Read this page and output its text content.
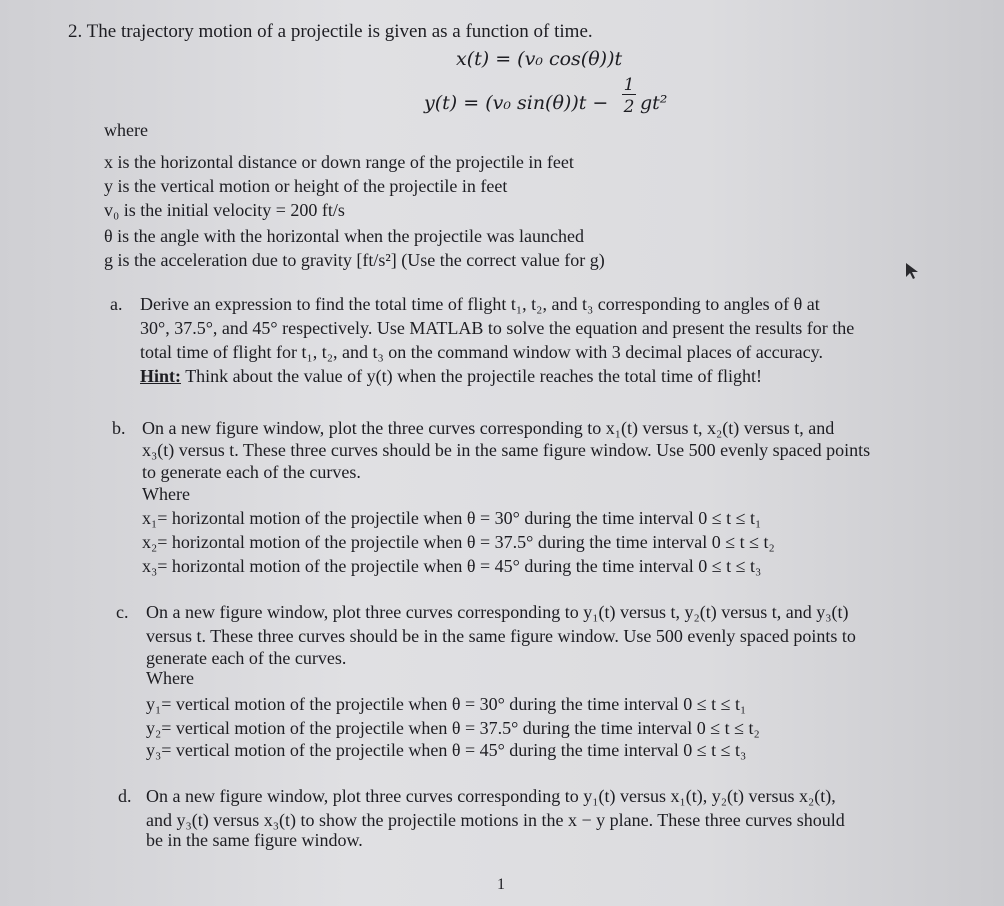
2. The trajectory motion of a projectile is given as a function of time.
x(t) = (v₀ cos(θ))t
y(t) = (v₀ sin(θ))t −
1
2 gt²
where
x is the horizontal distance or down range of the projectile in feet
y is the vertical motion or height of the projectile in feet
v₀ is the initial velocity = 200 ft/s
θ is the angle with the horizontal when the projectile was launched
g is the acceleration due to gravity [ft/s²] (Use the correct value for g)
a. Derive an expression to find the total time of flight t₁, t₂, and t₃ corresponding to angles of θ at
30°, 37.5°, and 45° respectively. Use MATLAB to solve the equation and present the results for the
total time of flight for t₁, t₂, and t₃ on the command window with 3 decimal places of accuracy.
Hint: Think about the value of y(t) when the projectile reaches the total time of flight!
b. On a new figure window, plot the three curves corresponding to x₁(t) versus t, x₂(t) versus t, and
x₃(t) versus t. These three curves should be in the same figure window. Use 500 evenly spaced points
to generate each of the curves.
Where
x₁= horizontal motion of the projectile when θ = 30° during the time interval 0 ≤ t ≤ t₁
x₂= horizontal motion of the projectile when θ = 37.5° during the time interval 0 ≤ t ≤ t₂
x₃= horizontal motion of the projectile when θ = 45° during the time interval 0 ≤ t ≤ t₃
c. On a new figure window, plot three curves corresponding to y₁(t) versus t, y₂(t) versus t, and y₃(t)
versus t. These three curves should be in the same figure window. Use 500 evenly spaced points to
generate each of the curves.
Where
y₁= vertical motion of the projectile when θ = 30° during the time interval 0 ≤ t ≤ t₁
y₂= vertical motion of the projectile when θ = 37.5° during the time interval 0 ≤ t ≤ t₂
y₃= vertical motion of the projectile when θ = 45° during the time interval 0 ≤ t ≤ t₃
d. On a new figure window, plot three curves corresponding to y₁(t) versus x₁(t), y₂(t) versus x₂(t),
and y₃(t) versus x₃(t) to show the projectile motions in the x − y plane. These three curves should
be in the same figure window.
1
